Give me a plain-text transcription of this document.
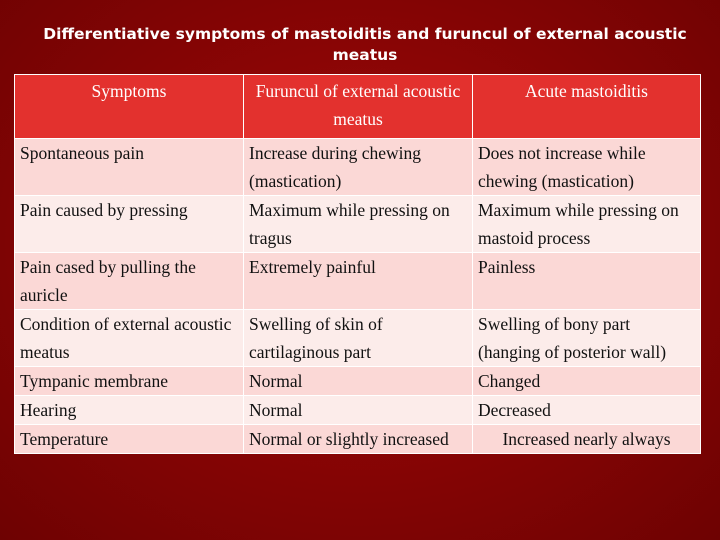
Differentiative symptoms of mastoiditis and furuncul of external acoustic meatus
Symptoms	Furuncul of external acoustic meatus	Acute mastoiditis
Spontaneous pain	Increase during chewing (mastication)	Does not increase while chewing (mastication)
Pain caused by pressing	Maximum while pressing on tragus	Maximum while pressing on mastoid process
Pain cased by pulling the auricle	Extremely painful	Painless
Condition of external acoustic meatus	Swelling of skin of cartilaginous part	Swelling of bony part (hanging of posterior wall)
Tympanic membrane	Normal	Changed
Hearing	Normal	Decreased
Temperature	Normal or slightly increased	Increased nearly always
